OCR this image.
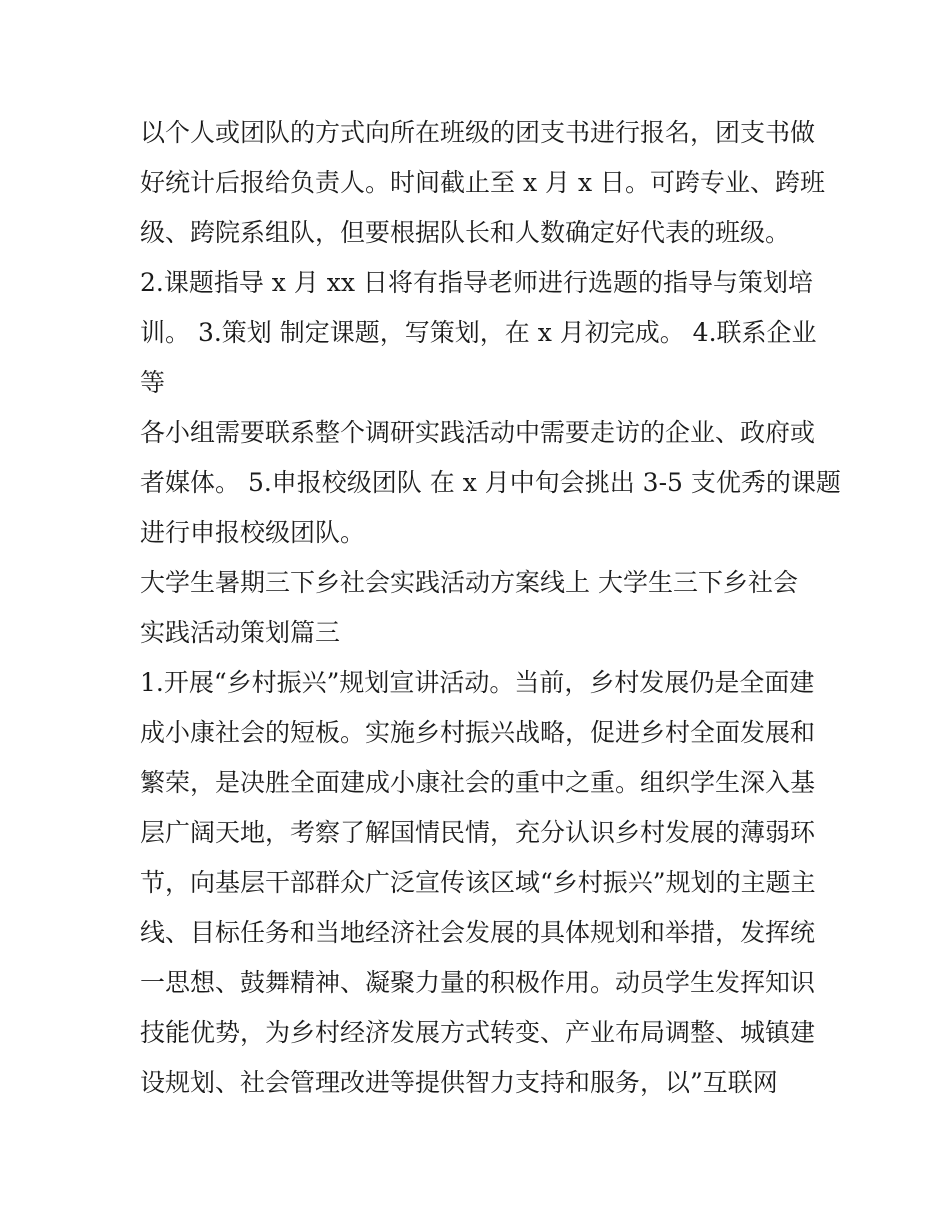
以个人或团队的方式向所在班级的团支书进行报名，团支书做
好统计后报给负责人。时间截止至 x 月 x 日。可跨专业、跨班
级、跨院系组队，但要根据队长和人数确定好代表的班级。
2.课题指导 x 月 xx 日将有指导老师进行选题的指导与策划培
训。 3.策划 制定课题，写策划，在 x 月初完成。 4.联系企业
等
各小组需要联系整个调研实践活动中需要走访的企业、政府或
者媒体。 5.申报校级团队 在 x 月中旬会挑出 3-5 支优秀的课题
进行申报校级团队。
大学生暑期三下乡社会实践活动方案线上 大学生三下乡社会
实践活动策划篇三
1.开展“乡村振兴”规划宣讲活动。当前，乡村发展仍是全面建
成小康社会的短板。实施乡村振兴战略，促进乡村全面发展和
繁荣，是决胜全面建成小康社会的重中之重。组织学生深入基
层广阔天地，考察了解国情民情，充分认识乡村发展的薄弱环
节，向基层干部群众广泛宣传该区域“乡村振兴”规划的主题主
线、目标任务和当地经济社会发展的具体规划和举措，发挥统
一思想、鼓舞精神、凝聚力量的积极作用。动员学生发挥知识
技能优势，为乡村经济发展方式转变、产业布局调整、城镇建
设规划、社会管理改进等提供智力支持和服务，以”互联网
